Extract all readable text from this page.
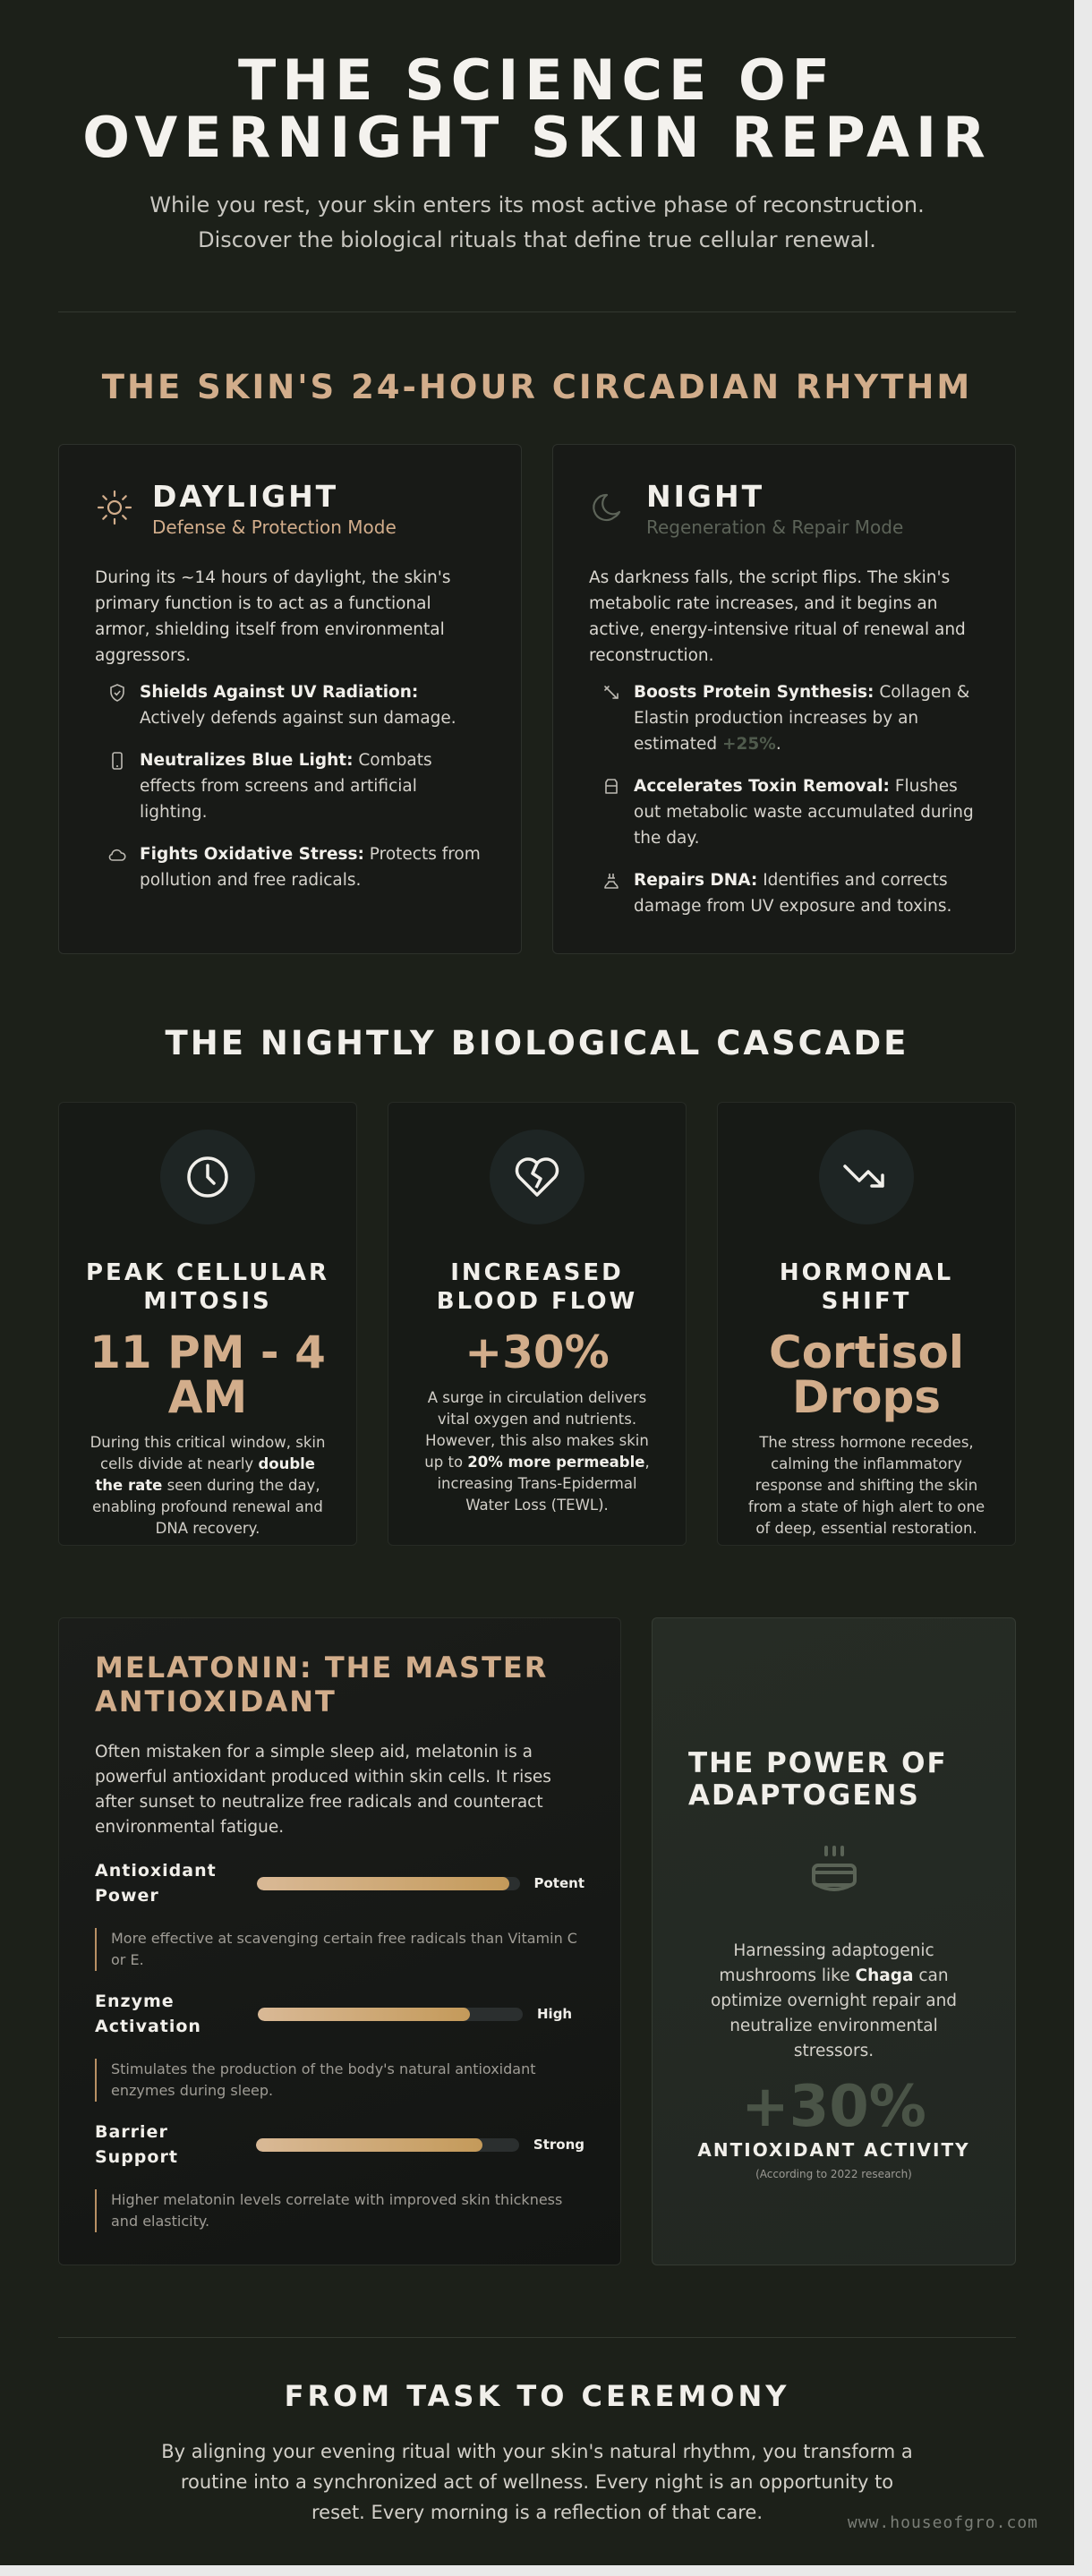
THE SCIENCE OF
OVERNIGHT SKIN REPAIR

While you rest, your skin enters its most active phase of reconstruction.
Discover the biological rituals that define true cellular renewal.

THE SKIN'S 24-HOUR CIRCADIAN RHYTHM
DAYLIGHT
Defense & Protection Mode

During its ~14 hours of daylight, the skin's primary function is to act as a functional armor, shielding itself from environmental aggressors.

Shields Against UV Radiation: Actively defends against sun damage.
Neutralizes Blue Light: Combats effects from screens and artificial lighting.
Fights Oxidative Stress: Protects from pollution and free radicals.
NIGHT
Regeneration & Repair Mode

As darkness falls, the script flips. The skin's metabolic rate increases, and it begins an active, energy-intensive ritual of renewal and reconstruction.

Boosts Protein Synthesis: Collagen & Elastin production increases by an estimated +25%.
Accelerates Toxin Removal: Flushes out metabolic waste accumulated during the day.
Repairs DNA: Identifies and corrects damage from UV exposure and toxins.
THE NIGHTLY BIOLOGICAL CASCADE
PEAK CELLULAR
MITOSIS
11 PM - 4
AM
During this critical window, skin cells divide at nearly double the rate seen during the day, enabling profound renewal and DNA recovery.
INCREASED
BLOOD FLOW
+30%
A surge in circulation delivers vital oxygen and nutrients. However, this also makes skin up to 20% more permeable, increasing Trans-Epidermal Water Loss (TEWL).
HORMONAL
SHIFT
Cortisol
Drops
The stress hormone recedes, calming the inflammatory response and shifting the skin from a state of high alert to one of deep, essential restoration.
MELATONIN: THE MASTER
ANTIOXIDANT

Often mistaken for a simple sleep aid, melatonin is a powerful antioxidant produced within skin cells. It rises after sunset to neutralize free radicals and counteract environmental fatigue.

Antioxidant
Power
Potent
More effective at scavenging certain free radicals than Vitamin C or E.
Enzyme
Activation
High
Stimulates the production of the body's natural antioxidant enzymes during sleep.
Barrier Support
Strong
Higher melatonin levels correlate with improved skin thickness and elasticity.
THE POWER OF
ADAPTOGENS
Harnessing adaptogenic mushrooms like Chaga can optimize overnight repair and neutralize environmental stressors.
+30%
ANTIOXIDANT ACTIVITY
(According to 2022 research)
FROM TASK TO CEREMONY

By aligning your evening ritual with your skin's natural rhythm, you transform a routine into a synchronized act of wellness. Every night is an opportunity to reset. Every morning is a reflection of that care.	www.houseofgro.com
